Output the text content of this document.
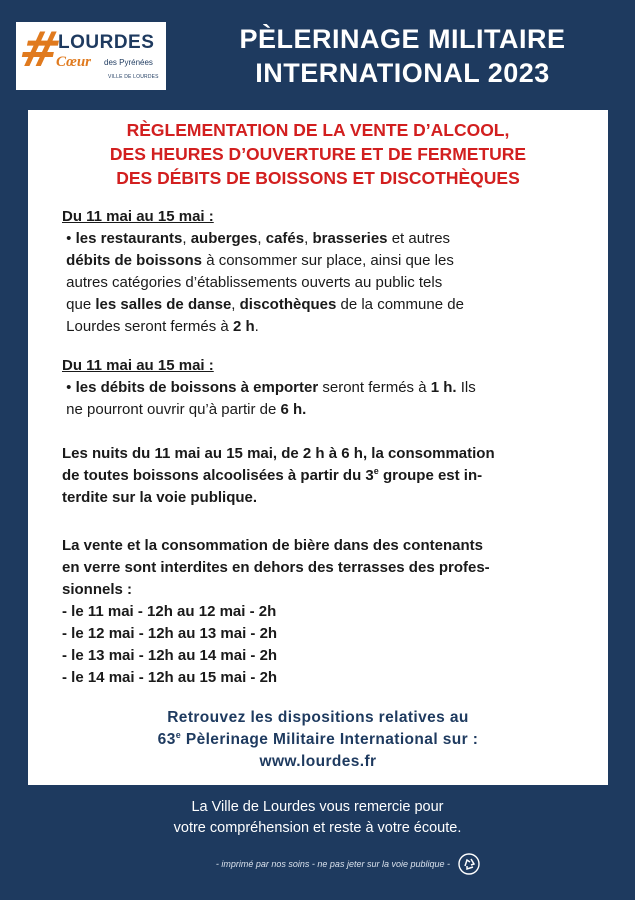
#
LOURDES
Cœur des Pyrénées
VILLE DE LOURDES
PÈLERINAGE MILITAIRE
INTERNATIONAL 2023
RÈGLEMENTATION DE LA VENTE D’ALCOOL,
DES HEURES D’OUVERTURE ET DE FERMETURE
DES DÉBITS DE BOISSONS ET DISCOTHÈQUES
Du 11 mai au 15 mai :
• les restaurants, auberges, cafés, brasseries et autres
débits de boissons à consommer sur place, ainsi que les
autres catégories d’établissements ouverts au public tels
que les salles de danse, discothèques de la commune de
Lourdes seront fermés à 2 h.
Du 11 mai au 15 mai :
• les débits de boissons à emporter seront fermés à 1 h. Ils
ne pourront ouvrir qu’à partir de 6 h.
Les nuits du 11 mai au 15 mai, de 2 h à 6 h, la consommation
de toutes boissons alcoolisées à partir du 3e groupe est in-
terdite sur la voie publique.
La vente et la consommation de bière dans des contenants
en verre sont interdites en dehors des terrasses des profes-
sionnels :
- le 11 mai - 12h au 12 mai - 2h
- le 12 mai - 12h au 13 mai - 2h
- le 13 mai - 12h au 14 mai - 2h
- le 14 mai - 12h au 15 mai - 2h
Retrouvez les dispositions relatives au
63e Pèlerinage Militaire International sur :
www.lourdes.fr
La Ville de Lourdes vous remercie pour
votre compréhension et reste à votre écoute.
- imprimé par nos soins - ne pas jeter sur la voie publique -
